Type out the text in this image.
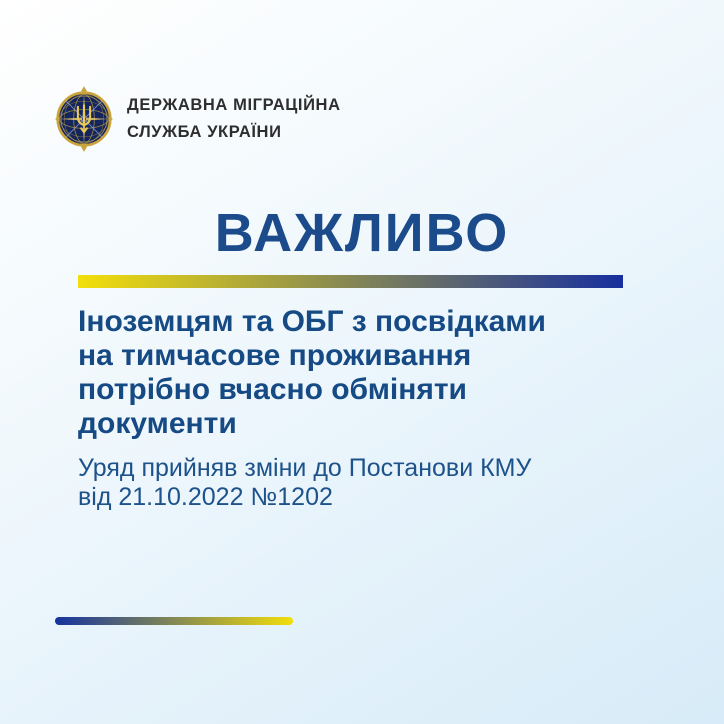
ДЕРЖАВНА МІГРАЦІЙНА
СЛУЖБА УКРАЇНИ
ВАЖЛИВО
Іноземцям та ОБГ з посвідками
на тимчасове проживання
потрібно вчасно обміняти
документи
Уряд прийняв зміни до Постанови КМУ
від 21.10.2022 №1202
